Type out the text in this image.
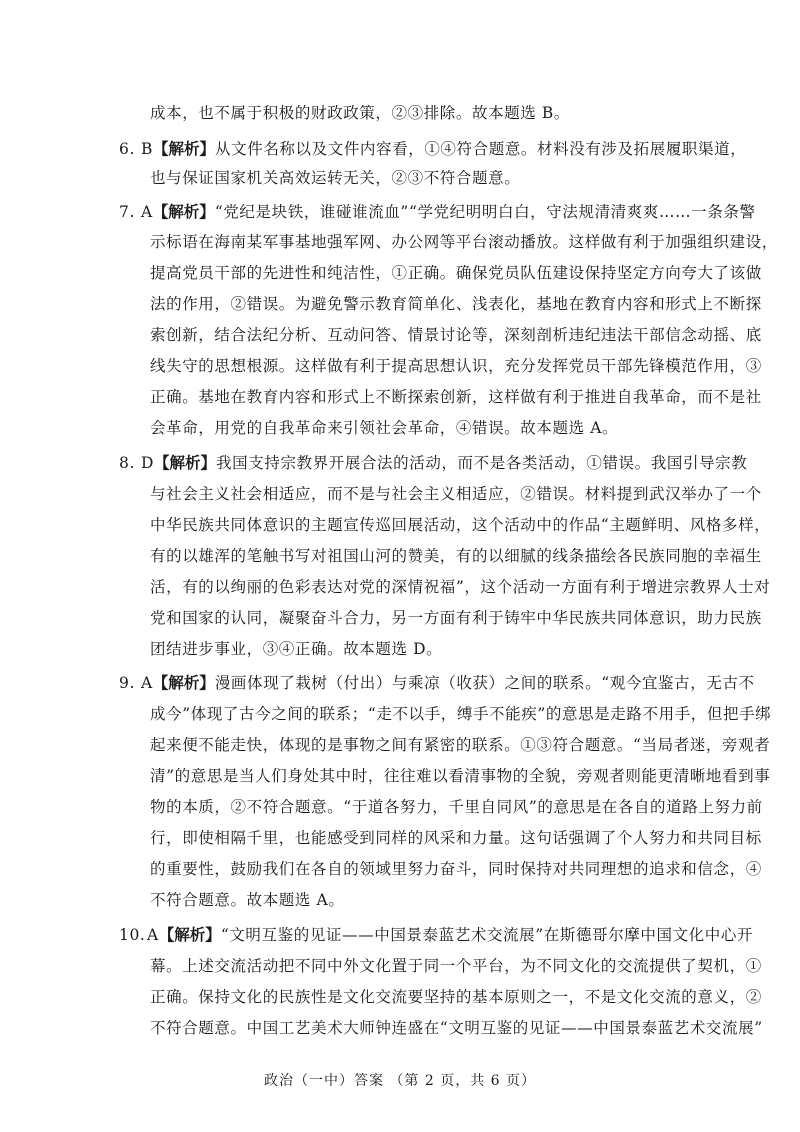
成本，也不属于积极的财政政策，②③排除。故本题选 B。
6. B【解析】从文件名称以及文件内容看，①④符合题意。材料没有涉及拓展履职渠道，
也与保证国家机关高效运转无关，②③不符合题意。
7. A【解析】“党纪是块铁，谁碰谁流血”“学党纪明明白白，守法规清清爽爽……一条条警
示标语在海南某军事基地强军网、办公网等平台滚动播放。这样做有利于加强组织建设，
提高党员干部的先进性和纯洁性，①正确。确保党员队伍建设保持坚定方向夸大了该做
法的作用，②错误。为避免警示教育简单化、浅表化，基地在教育内容和形式上不断探
索创新，结合法纪分析、互动问答、情景讨论等，深刻剖析违纪违法干部信念动摇、底
线失守的思想根源。这样做有利于提高思想认识，充分发挥党员干部先锋模范作用，③
正确。基地在教育内容和形式上不断探索创新，这样做有利于推进自我革命，而不是社
会革命，用党的自我革命来引领社会革命，④错误。故本题选 A。
8. D【解析】我国支持宗教界开展合法的活动，而不是各类活动，①错误。我国引导宗教
与社会主义社会相适应，而不是与社会主义相适应，②错误。材料提到武汉举办了一个
中华民族共同体意识的主题宣传巡回展活动，这个活动中的作品“主题鲜明、风格多样，
有的以雄浑的笔触书写对祖国山河的赞美，有的以细腻的线条描绘各民族同胞的幸福生
活，有的以绚丽的色彩表达对党的深情祝福”，这个活动一方面有利于增进宗教界人士对
党和国家的认同，凝聚奋斗合力，另一方面有利于铸牢中华民族共同体意识，助力民族
团结进步事业，③④正确。故本题选 D。
9. A【解析】漫画体现了栽树（付出）与乘凉（收获）之间的联系。“观今宜鉴古，无古不
成今”体现了古今之间的联系；“走不以手，缚手不能疾”的意思是走路不用手，但把手绑
起来便不能走快，体现的是事物之间有紧密的联系。①③符合题意。“当局者迷，旁观者
清”的意思是当人们身处其中时，往往难以看清事物的全貌，旁观者则能更清晰地看到事
物的本质，②不符合题意。“于道各努力，千里自同风”的意思是在各自的道路上努力前
行，即使相隔千里，也能感受到同样的风采和力量。这句话强调了个人努力和共同目标
的重要性，鼓励我们在各自的领域里努力奋斗，同时保持对共同理想的追求和信念，④
不符合题意。故本题选 A。
10.A【解析】“文明互鉴的见证——中国景泰蓝艺术交流展”在斯德哥尔摩中国文化中心开
幕。上述交流活动把不同中外文化置于同一个平台，为不同文化的交流提供了契机，①
正确。保持文化的民族性是文化交流要坚持的基本原则之一，不是文化交流的意义，②
不符合题意。中国工艺美术大师钟连盛在“文明互鉴的见证——中国景泰蓝艺术交流展”
政治（一中）答案 （第 2 页，共 6 页）
